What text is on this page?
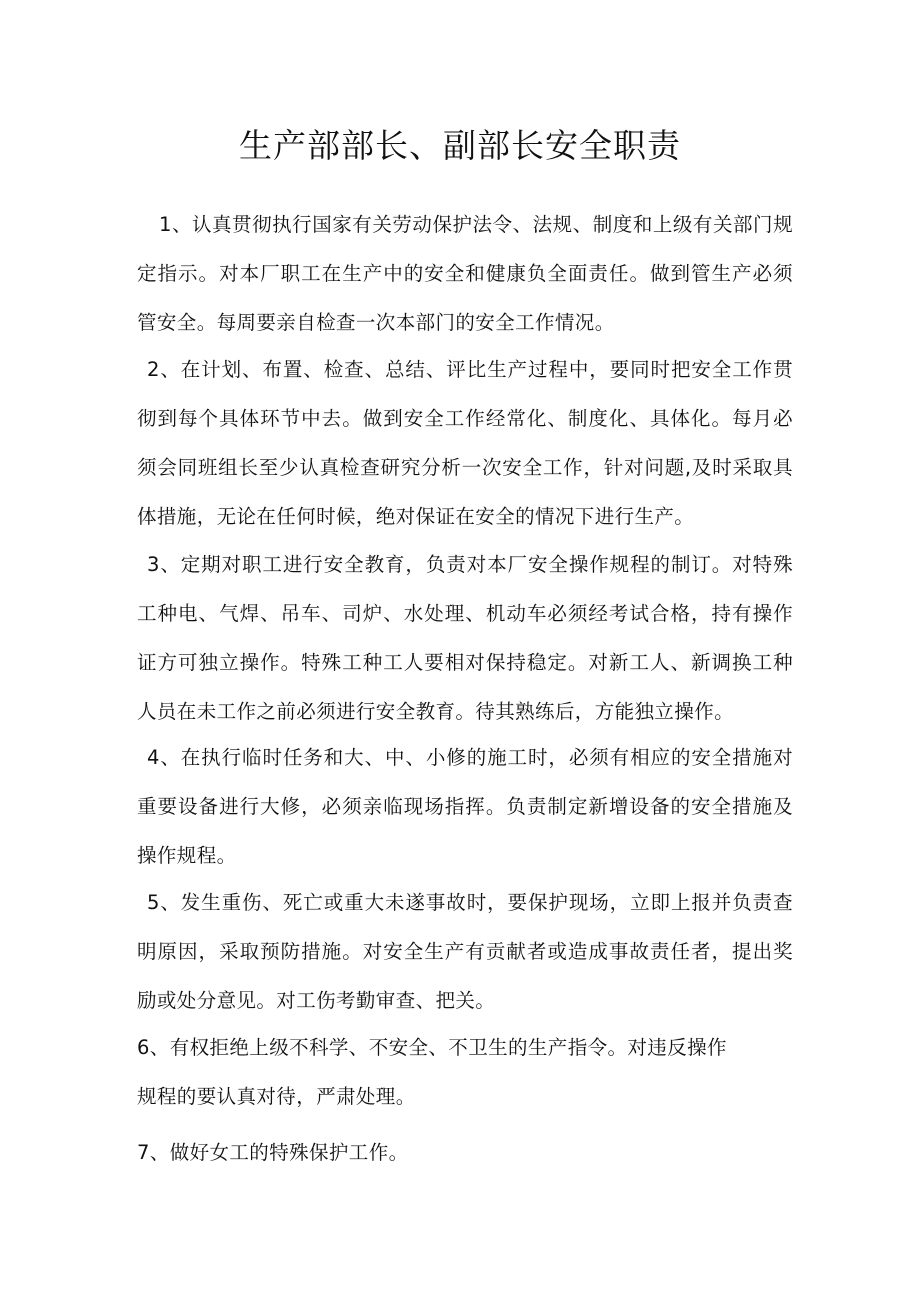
生产部部长、副部长安全职责

1、认真贯彻执行国家有关劳动保护法令、法规、制度和上级有关部门规定指示。对本厂职工在生产中的安全和健康负全面责任。做到管生产必须管安全。每周要亲自检查一次本部门的安全工作情况。

2、在计划、布置、检查、总结、评比生产过程中，要同时把安全工作贯彻到每个具体环节中去。做到安全工作经常化、制度化、具体化。每月必须会同班组长至少认真检查研究分析一次安全工作，针对问题,及时采取具体措施，无论在任何时候，绝对保证在安全的情况下进行生产。

3、定期对职工进行安全教育，负责对本厂安全操作规程的制订。对特殊工种电、气焊、吊车、司炉、水处理、机动车必须经考试合格，持有操作证方可独立操作。特殊工种工人要相对保持稳定。对新工人、新调换工种人员在未工作之前必须进行安全教育。待其熟练后，方能独立操作。

4、在执行临时任务和大、中、小修的施工时，必须有相应的安全措施对重要设备进行大修，必须亲临现场指挥。负责制定新增设备的安全措施及操作规程。

5、发生重伤、死亡或重大未遂事故时，要保护现场，立即上报并负责查明原因，采取预防措施。对安全生产有贡献者或造成事故责任者，提出奖励或处分意见。对工伤考勤审查、把关。

6、有权拒绝上级不科学、不安全、不卫生的生产指令。对违反操作

规程的要认真对待，严肃处理。

7、做好女工的特殊保护工作。
